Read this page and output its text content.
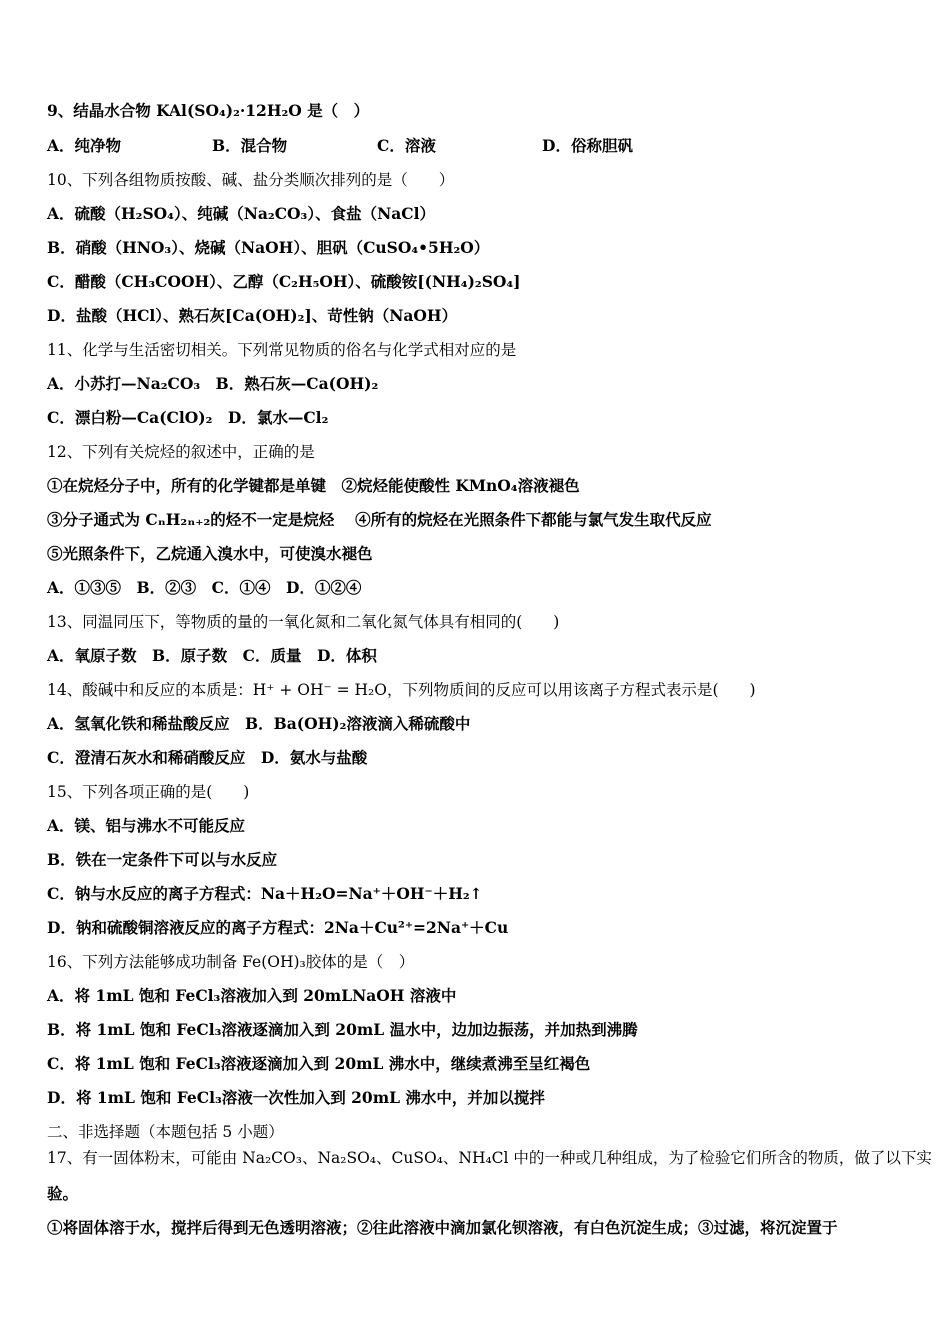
9、结晶水合物 KAl(SO₄)₂·12H₂O 是（　）
A．纯净物	B．混合物	C．溶液	D．俗称胆矾
10、下列各组物质按酸、碱、盐分类顺次排列的是（　　）
A．硫酸（H₂SO₄）、纯碱（Na₂CO₃）、食盐（NaCl）
B．硝酸（HNO₃）、烧碱（NaOH）、胆矾（CuSO₄•5H₂O）
C．醋酸（CH₃COOH）、乙醇（C₂H₅OH）、硫酸铵[(NH₄)₂SO₄]
D．盐酸（HCl）、熟石灰[Ca(OH)₂]、苛性钠（NaOH）
11、化学与生活密切相关。下列常见物质的俗名与化学式相对应的是
A．小苏打—Na₂CO₃　B．熟石灰—Ca(OH)₂
C．漂白粉—Ca(ClO)₂　D．氯水—Cl₂
12、下列有关烷烃的叙述中，正确的是
①在烷烃分子中，所有的化学键都是单键　②烷烃能使酸性 KMnO₄溶液褪色
③分子通式为 CₙH₂ₙ₊₂的烃不一定是烷烃　 ④所有的烷烃在光照条件下都能与氯气发生取代反应
⑤光照条件下，乙烷通入溴水中，可使溴水褪色
A．①③⑤　B．②③　C．①④　D．①②④
13、同温同压下，等物质的量的一氧化氮和二氧化氮气体具有相同的(　　)
A．氧原子数　B．原子数　C．质量　D．体积
14、酸碱中和反应的本质是：H⁺ + OH⁻ = H₂O，下列物质间的反应可以用该离子方程式表示是(　　)
A．氢氧化铁和稀盐酸反应　B．Ba(OH)₂溶液滴入稀硫酸中
C．澄清石灰水和稀硝酸反应　D．氨水与盐酸
15、下列各项正确的是(　　)
A．镁、铝与沸水不可能反应
B．铁在一定条件下可以与水反应
C．钠与水反应的离子方程式：Na＋H₂O=Na⁺＋OH⁻＋H₂↑
D．钠和硫酸铜溶液反应的离子方程式：2Na＋Cu²⁺=2Na⁺＋Cu
16、下列方法能够成功制备 Fe(OH)₃胶体的是（　）
A．将 1mL 饱和 FeCl₃溶液加入到 20mLNaOH 溶液中
B．将 1mL 饱和 FeCl₃溶液逐滴加入到 20mL 温水中，边加边振荡，并加热到沸腾
C．将 1mL 饱和 FeCl₃溶液逐滴加入到 20mL 沸水中，继续煮沸至呈红褐色
D．将 1mL 饱和 FeCl₃溶液一次性加入到 20mL 沸水中，并加以搅拌
二、非选择题（本题包括 5 小题）
17、有一固体粉末，可能由 Na₂CO₃、Na₂SO₄、CuSO₄、NH₄Cl 中的一种或几种组成，为了检验它们所含的物质，做了以下实
验。
①将固体溶于水，搅拌后得到无色透明溶液；②往此溶液中滴加氯化钡溶液，有白色沉淀生成；③过滤，将沉淀置于
